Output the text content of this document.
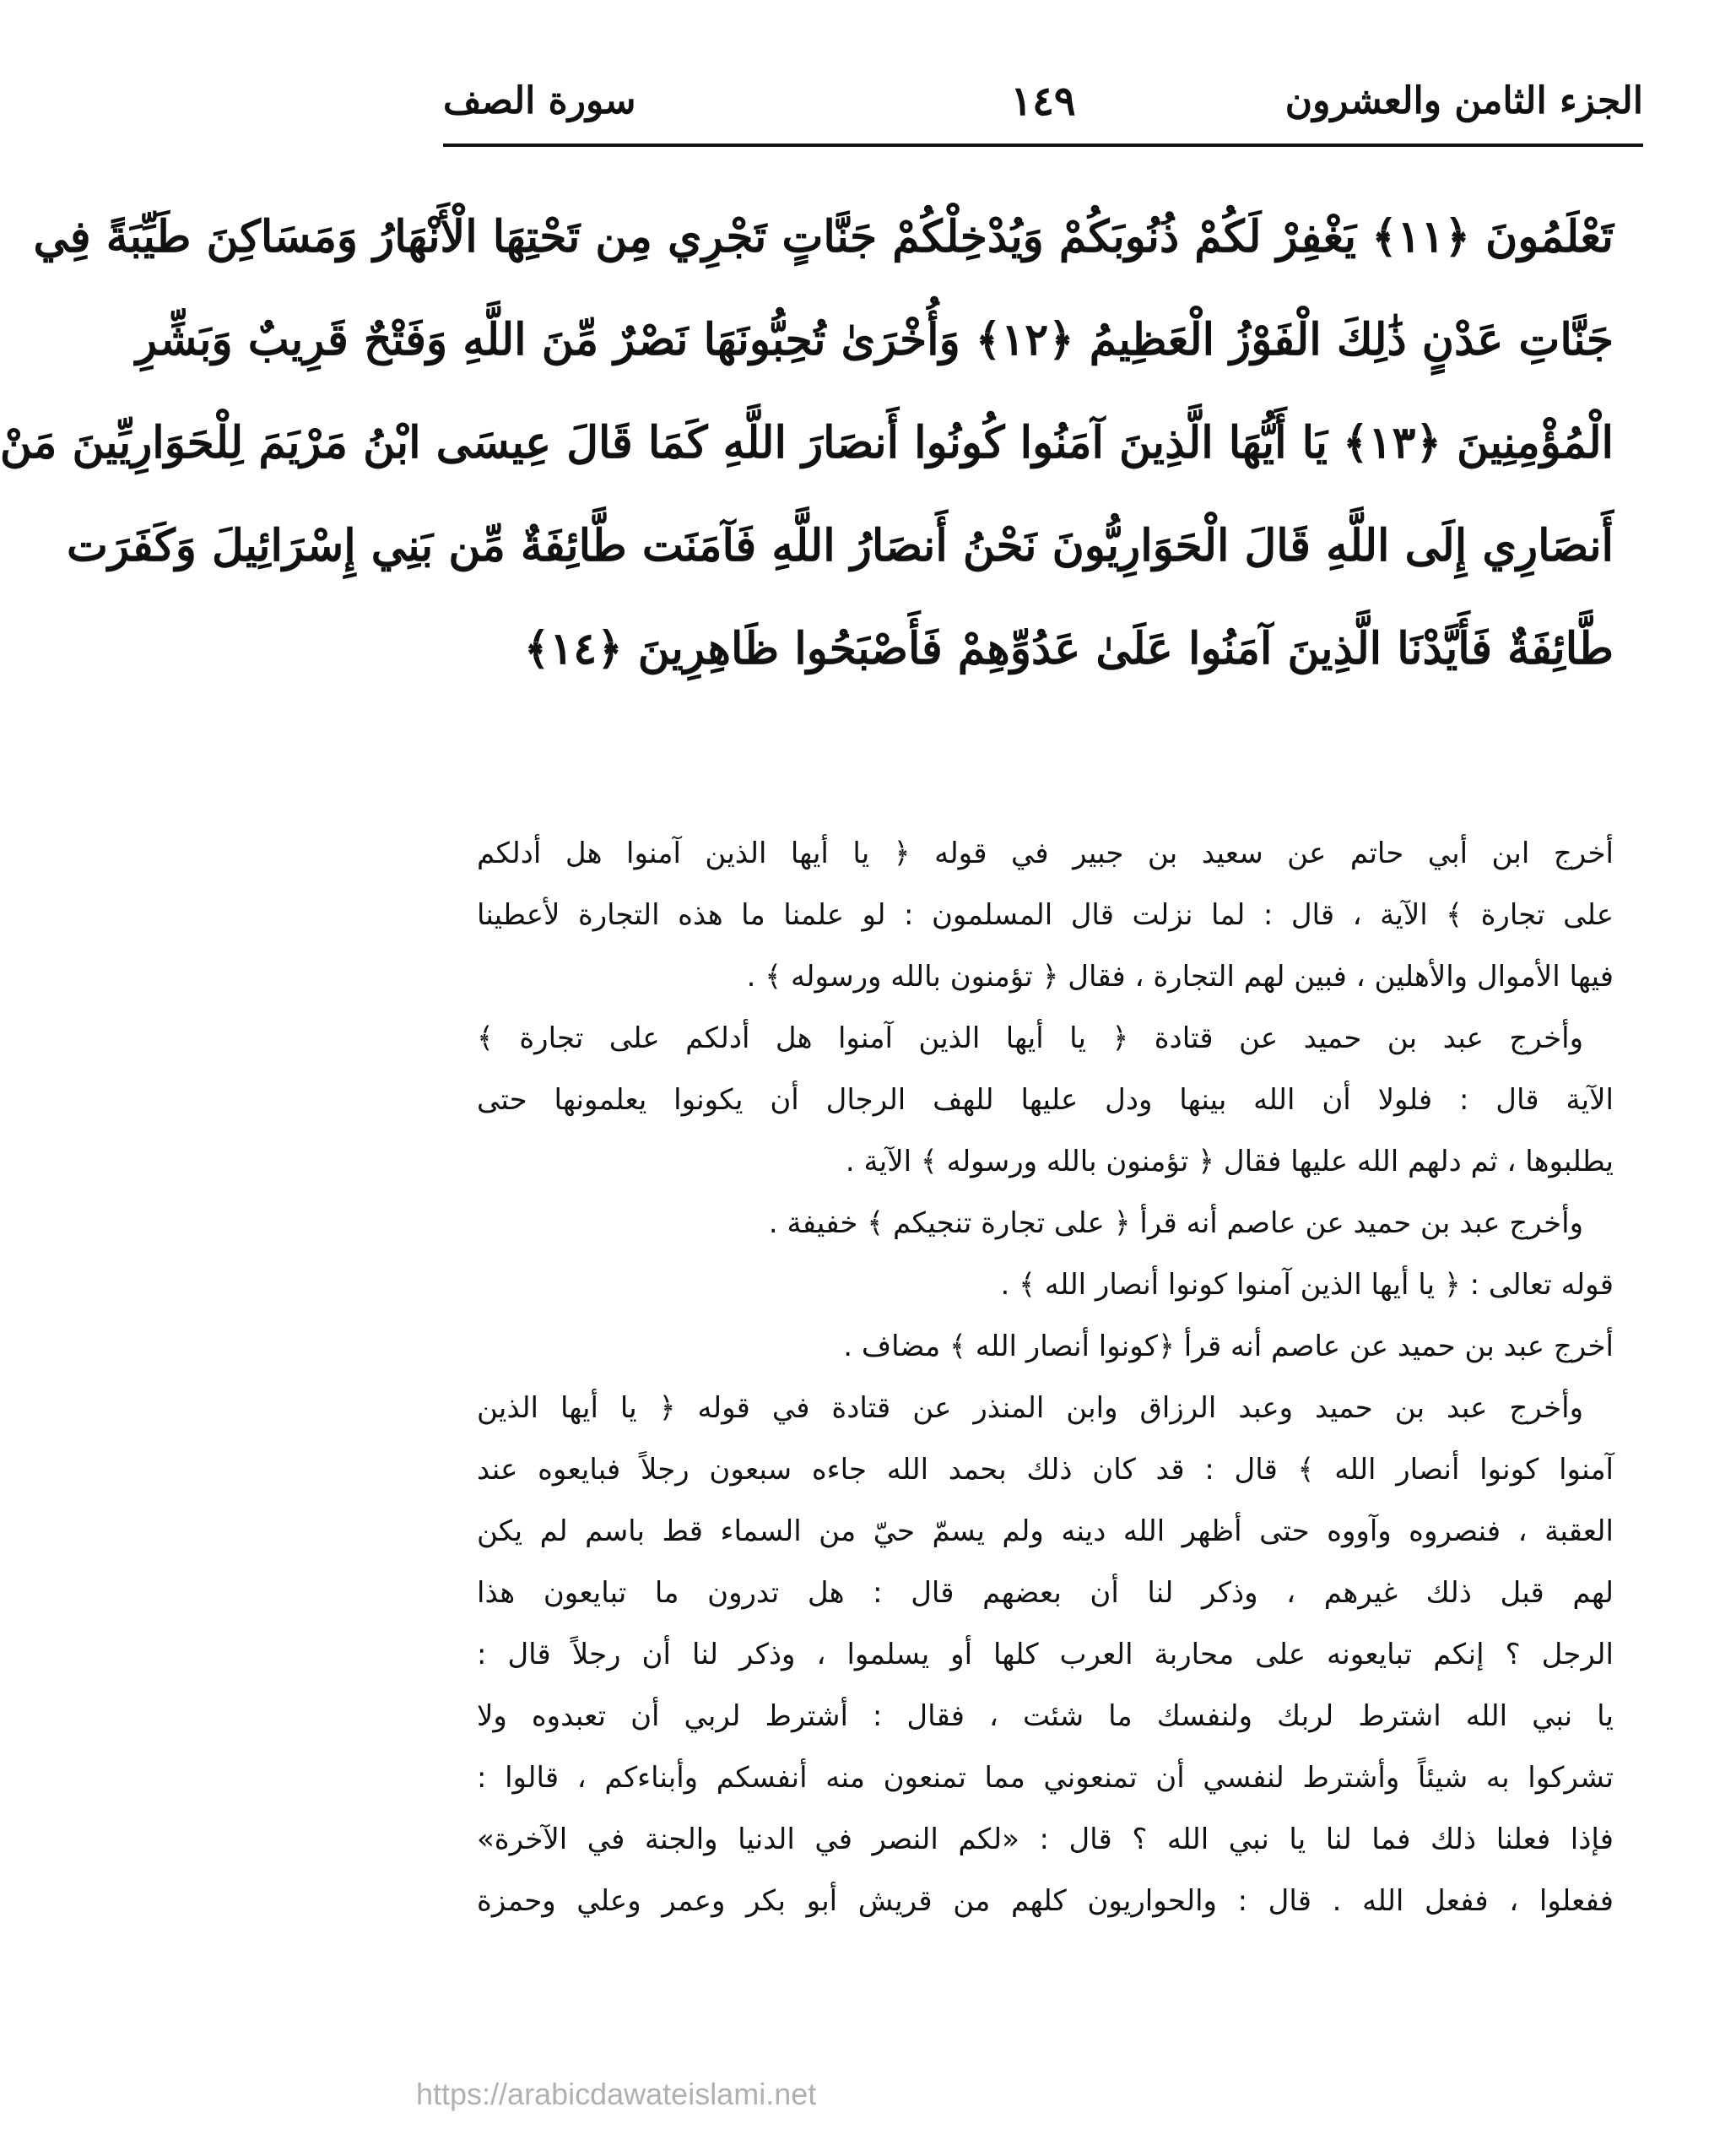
الجزء الثامن والعشرون
١٤٩
سورة الصف
تَعْلَمُونَ ﴿١١﴾ يَغْفِرْ لَكُمْ ذُنُوبَكُمْ وَيُدْخِلْكُمْ جَنَّاتٍ تَجْرِي مِن تَحْتِهَا الْأَنْهَارُ وَمَسَاكِنَ طَيِّبَةً فِي
جَنَّاتِ عَدْنٍ ذَٰلِكَ الْفَوْزُ الْعَظِيمُ ﴿١٢﴾ وَأُخْرَىٰ تُحِبُّونَهَا نَصْرٌ مِّنَ اللَّهِ وَفَتْحٌ قَرِيبٌ وَبَشِّرِ
الْمُؤْمِنِينَ ﴿١٣﴾ يَا أَيُّهَا الَّذِينَ آمَنُوا كُونُوا أَنصَارَ اللَّهِ كَمَا قَالَ عِيسَى ابْنُ مَرْيَمَ لِلْحَوَارِيِّينَ مَنْ
أَنصَارِي إِلَى اللَّهِ قَالَ الْحَوَارِيُّونَ نَحْنُ أَنصَارُ اللَّهِ فَآمَنَت طَّائِفَةٌ مِّن بَنِي إِسْرَائِيلَ وَكَفَرَت
طَّائِفَةٌ فَأَيَّدْنَا الَّذِينَ آمَنُوا عَلَىٰ عَدُوِّهِمْ فَأَصْبَحُوا ظَاهِرِينَ ﴿١٤﴾
أخرج ابن أبي حاتم عن سعيد بن جبير في قوله ﴿ يا أيها الذين آمنوا هل أدلكم
على تجارة ﴾ الآية ، قال : لما نزلت قال المسلمون : لو علمنا ما هذه التجارة لأعطينا
فيها الأموال والأهلين ، فبين لهم التجارة ، فقال ﴿ تؤمنون بالله ورسوله ﴾ .
وأخرج عبد بن حميد عن قتادة ﴿ يا أيها الذين آمنوا هل أدلكم على تجارة ﴾
الآية قال : فلولا أن الله بينها ودل عليها للهف الرجال أن يكونوا يعلمونها حتى
يطلبوها ، ثم دلهم الله عليها فقال ﴿ تؤمنون بالله ورسوله ﴾ الآية .
وأخرج عبد بن حميد عن عاصم أنه قرأ ﴿ على تجارة تنجيكم ﴾ خفيفة .
قوله تعالى : ﴿ يا أيها الذين آمنوا كونوا أنصار الله ﴾ .
أخرج عبد بن حميد عن عاصم أنه قرأ ﴿كونوا أنصار الله ﴾ مضاف .
وأخرج عبد بن حميد وعبد الرزاق وابن المنذر عن قتادة في قوله ﴿ يا أيها الذين
آمنوا كونوا أنصار الله ﴾ قال : قد كان ذلك بحمد الله جاءه سبعون رجلاً فبايعوه عند
العقبة ، فنصروه وآووه حتى أظهر الله دينه ولم يسمّ حيّ من السماء قط باسم لم يكن
لهم قبل ذلك غيرهم ، وذكر لنا أن بعضهم قال : هل تدرون ما تبايعون هذا
الرجل ؟ إنكم تبايعونه على محاربة العرب كلها أو يسلموا ، وذكر لنا أن رجلاً قال :
يا نبي الله اشترط لربك ولنفسك ما شئت ، فقال : أشترط لربي أن تعبدوه ولا
تشركوا به شيئاً وأشترط لنفسي أن تمنعوني مما تمنعون منه أنفسكم وأبناءكم ، قالوا :
فإذا فعلنا ذلك فما لنا يا نبي الله ؟ قال : «لكم النصر في الدنيا والجنة في الآخرة»
ففعلوا ، ففعل الله . قال : والحواريون كلهم من قريش أبو بكر وعمر وعلي وحمزة
https://arabicdawateislami.net
